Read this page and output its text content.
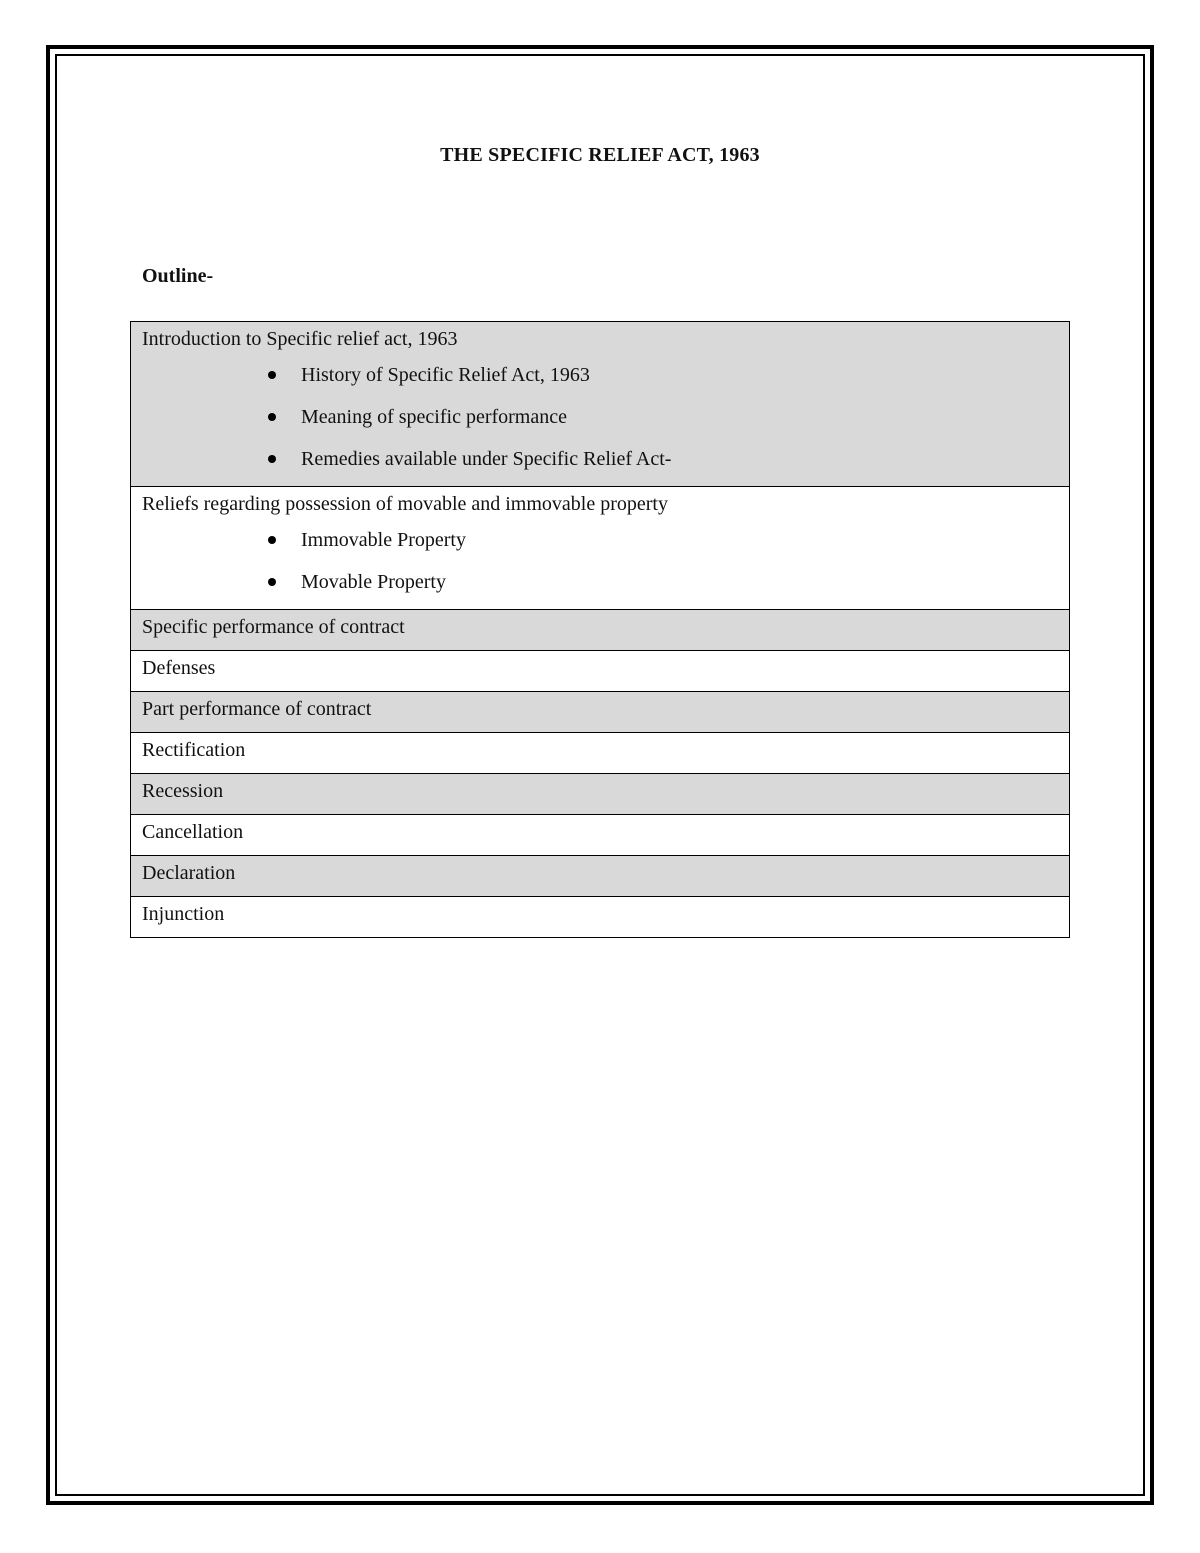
THE SPECIFIC RELIEF ACT, 1963
Outline-
Introduction to Specific relief act, 1963
History of Specific Relief Act, 1963
Meaning of specific performance
Remedies available under Specific Relief Act-

Reliefs regarding possession of movable and immovable property
Immovable Property
Movable Property

Specific performance of contract
Defenses
Part performance of contract
Rectification
Recession
Cancellation
Declaration
Injunction
